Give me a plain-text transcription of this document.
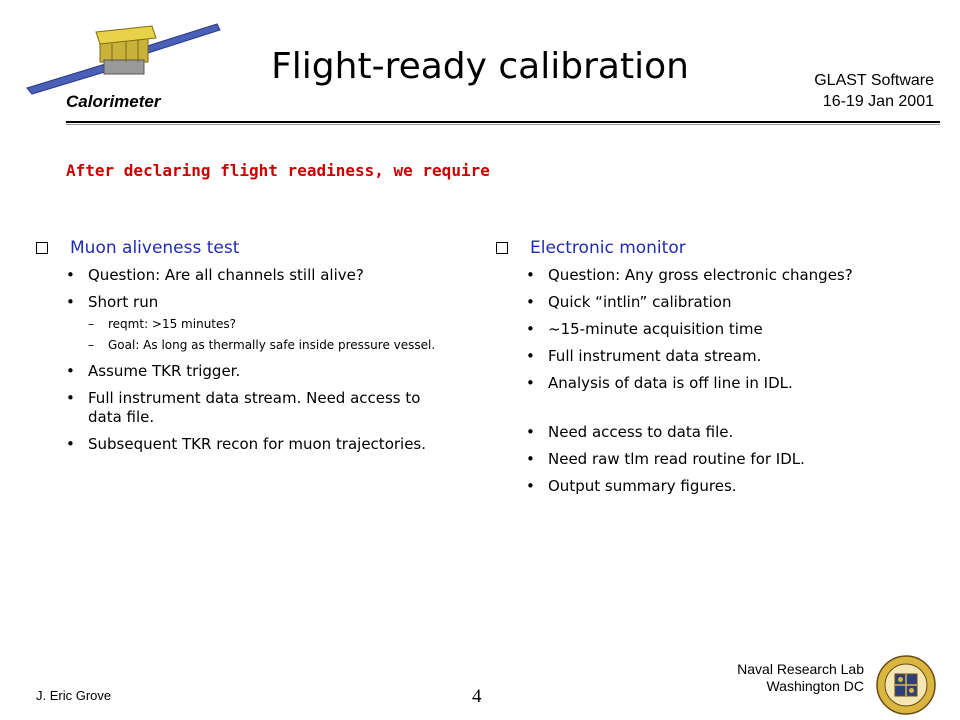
Calorimeter
Flight-ready calibration	GLAST Software
16-19 Jan 2001
After declaring flight readiness, we require
Muon aliveness test
• Question: Are all channels still alive?
• Short run
– reqmt: >15 minutes?
– Goal: As long as thermally safe inside pressure vessel.
• Assume TKR trigger.
• Full instrument data stream. Need access to data file.
• Subsequent TKR recon for muon trajectories.
Electronic monitor
• Question: Any gross electronic changes?
• Quick “intlin” calibration
• ~15-minute acquisition time
• Full instrument data stream.
• Analysis of data is off line in IDL.
• Need access to data file.
• Need raw tlm read routine for IDL.
• Output summary figures.
J. Eric Grove	4
Naval Research Lab
Washington DC
